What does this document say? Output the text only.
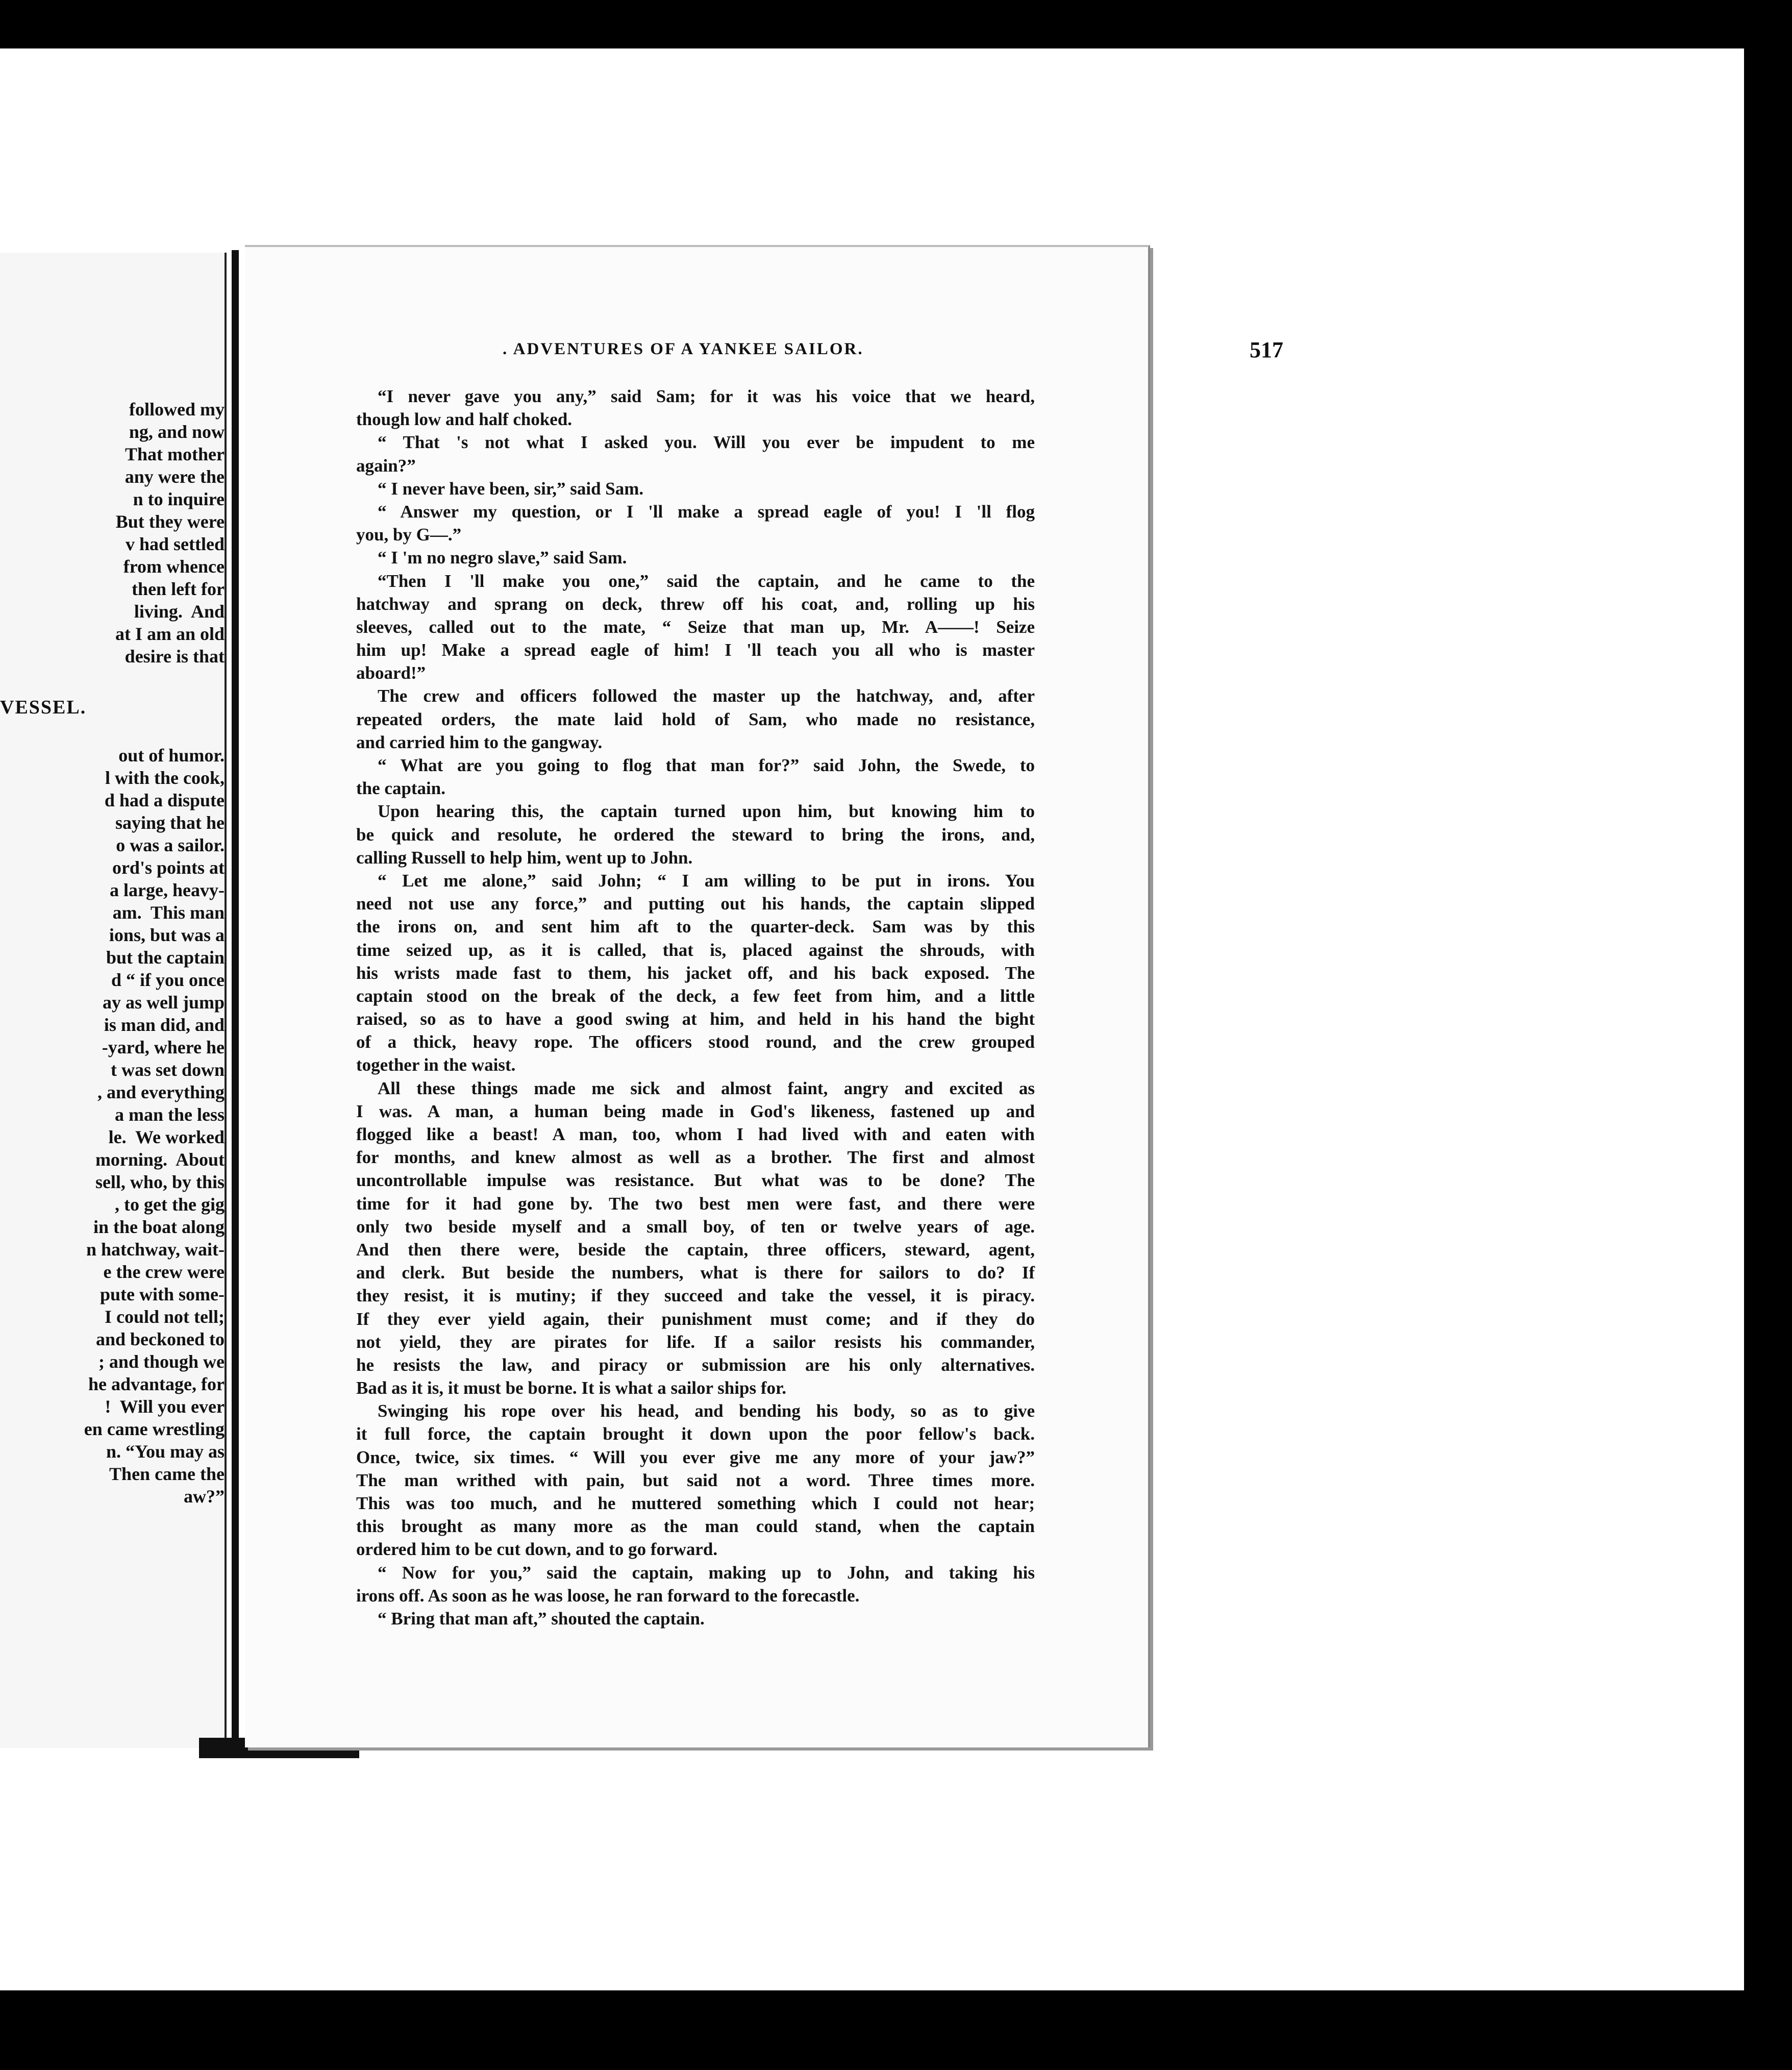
followed my
ng, and now
That mother
any were the
n to inquire
But they were
v had settled
from whence
then left for
living.  And
at I am an old
desire is that
VESSEL.
out of humor.
l with the cook,
d had a dispute
saying that he
o was a sailor.
ord's points at
a large, heavy-
am.  This man
ions, but was a
but the captain
d “ if you once
ay as well jump
is man did, and
-yard, where he
t was set down
, and everything
a man the less
le.  We worked
morning.  About
sell, who, by this
, to get the gig
in the boat along
n hatchway, wait-
e the crew were
pute with some-
I could not tell;
and beckoned to
; and though we
he advantage, for
!  Will you ever
en came wrestling
n. “You may as
Then came the
aw?”
. ADVENTURES OF A YANKEE SAILOR.	517
“I never gave you any,” said Sam; for it was his voice that we heard,
though low and half choked.
“ That 's not what I asked you. Will you ever be impudent to me
again?”
“ I never have been, sir,” said Sam.
“ Answer my question, or I 'll make a spread eagle of you! I 'll flog
you, by G—.”
“ I 'm no negro slave,” said Sam.
“Then I 'll make you one,” said the captain, and he came to the
hatchway and sprang on deck, threw off his coat, and, rolling up his
sleeves, called out to the mate, “ Seize that man up, Mr. A——! Seize
him up! Make a spread eagle of him! I 'll teach you all who is master
aboard!”
The crew and officers followed the master up the hatchway, and, after
repeated orders, the mate laid hold of Sam, who made no resistance,
and carried him to the gangway.
“ What are you going to flog that man for?” said John, the Swede, to
the captain.
Upon hearing this, the captain turned upon him, but knowing him to
be quick and resolute, he ordered the steward to bring the irons, and,
calling Russell to help him, went up to John.
“ Let me alone,” said John; “ I am willing to be put in irons. You
need not use any force,” and putting out his hands, the captain slipped
the irons on, and sent him aft to the quarter-deck. Sam was by this
time seized up, as it is called, that is, placed against the shrouds, with
his wrists made fast to them, his jacket off, and his back exposed. The
captain stood on the break of the deck, a few feet from him, and a little
raised, so as to have a good swing at him, and held in his hand the bight
of a thick, heavy rope. The officers stood round, and the crew grouped
together in the waist.
All these things made me sick and almost faint, angry and excited as
I was. A man, a human being made in God's likeness, fastened up and
flogged like a beast! A man, too, whom I had lived with and eaten with
for months, and knew almost as well as a brother. The first and almost
uncontrollable impulse was resistance. But what was to be done? The
time for it had gone by. The two best men were fast, and there were
only two beside myself and a small boy, of ten or twelve years of age.
And then there were, beside the captain, three officers, steward, agent,
and clerk. But beside the numbers, what is there for sailors to do? If
they resist, it is mutiny; if they succeed and take the vessel, it is piracy.
If they ever yield again, their punishment must come; and if they do
not yield, they are pirates for life. If a sailor resists his commander,
he resists the law, and piracy or submission are his only alternatives.
Bad as it is, it must be borne. It is what a sailor ships for.
Swinging his rope over his head, and bending his body, so as to give
it full force, the captain brought it down upon the poor fellow's back.
Once, twice, six times. “ Will you ever give me any more of your jaw?”
The man writhed with pain, but said not a word. Three times more.
This was too much, and he muttered something which I could not hear;
this brought as many more as the man could stand, when the captain
ordered him to be cut down, and to go forward.
“ Now for you,” said the captain, making up to John, and taking his
irons off. As soon as he was loose, he ran forward to the forecastle.
“ Bring that man aft,” shouted the captain.
